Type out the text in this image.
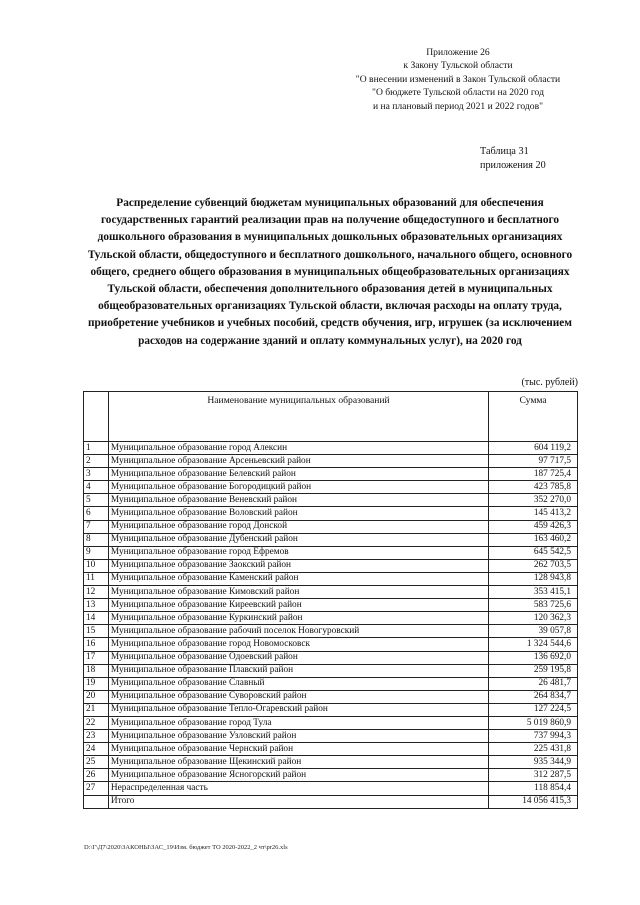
Приложение 26
к Закону Тульской области
"О внесении изменений в Закон Тульской области
"О бюджете Тульской области на 2020 год
и на плановый период 2021 и 2022 годов"
Таблица 31
приложения 20

Распределение субвенций бюджетам муниципальных образований для обеспечения государственных гарантий реализации прав на получение общедоступного и бесплатного дошкольного образования в муниципальных дошкольных образовательных организациях Тульской области, общедоступного и бесплатного дошкольного, начального общего, основного общего, среднего общего образования в муниципальных общеобразовательных организациях Тульской области, обеспечения дополнительного образования детей в муниципальных общеобразовательных организациях Тульской области, включая расходы на оплату труда, приобретение учебников и учебных пособий, средств обучения, игр, игрушек (за исключением расходов на содержание зданий и оплату коммунальных услуг), на 2020 год

(тыс. рублей)
	Наименование муниципальных образований	Сумма
1	Муниципальное образование город Алексин	604 119,2
2	Муниципальное образование Арсеньевский район	97 717,5
3	Муниципальное образование Белевский район	187 725,4
4	Муниципальное образование Богородицкий район	423 785,8
5	Муниципальное образование Веневский район	352 270,0
6	Муниципальное образование Воловский район	145 413,2
7	Муниципальное образование город Донской	459 426,3
8	Муниципальное образование Дубенский район	163 460,2
9	Муниципальное образование город Ефремов	645 542,5
10	Муниципальное образование Заокский район	262 703,5
11	Муниципальное образование Каменский район	128 943,8
12	Муниципальное образование Кимовский район	353 415,1
13	Муниципальное образование Киреевский район	583 725,6
14	Муниципальное образование Куркинский район	120 362,3
15	Муниципальное образование рабочий поселок Новогуровский	39 057,8
16	Муниципальное образование город Новомосковск	1 324 544,6
17	Муниципальное образование Одоевский район	136 692,0
18	Муниципальное образование Плавский район	259 195,8
19	Муниципальное образование Славный	26 481,7
20	Муниципальное образование Суворовский район	264 834,7
21	Муниципальное образование Тепло-Огаревский район	127 224,5
22	Муниципальное образование город Тула	5 019 860,9
23	Муниципальное образование Узловский район	737 994,3
24	Муниципальное образование Чернский район	225 431,8
25	Муниципальное образование Щекинский район	935 344,9
26	Муниципальное образование Ясногорский район	312 287,5
27	Нераспределенная часть	118 854,4
	Итого	14 056 415,3
D:\Г\Д7\2020\ЗАКОНЫ\ЗАС_19\Изм. бюджет ТО 2020-2022_2 чт\pr26.xls
